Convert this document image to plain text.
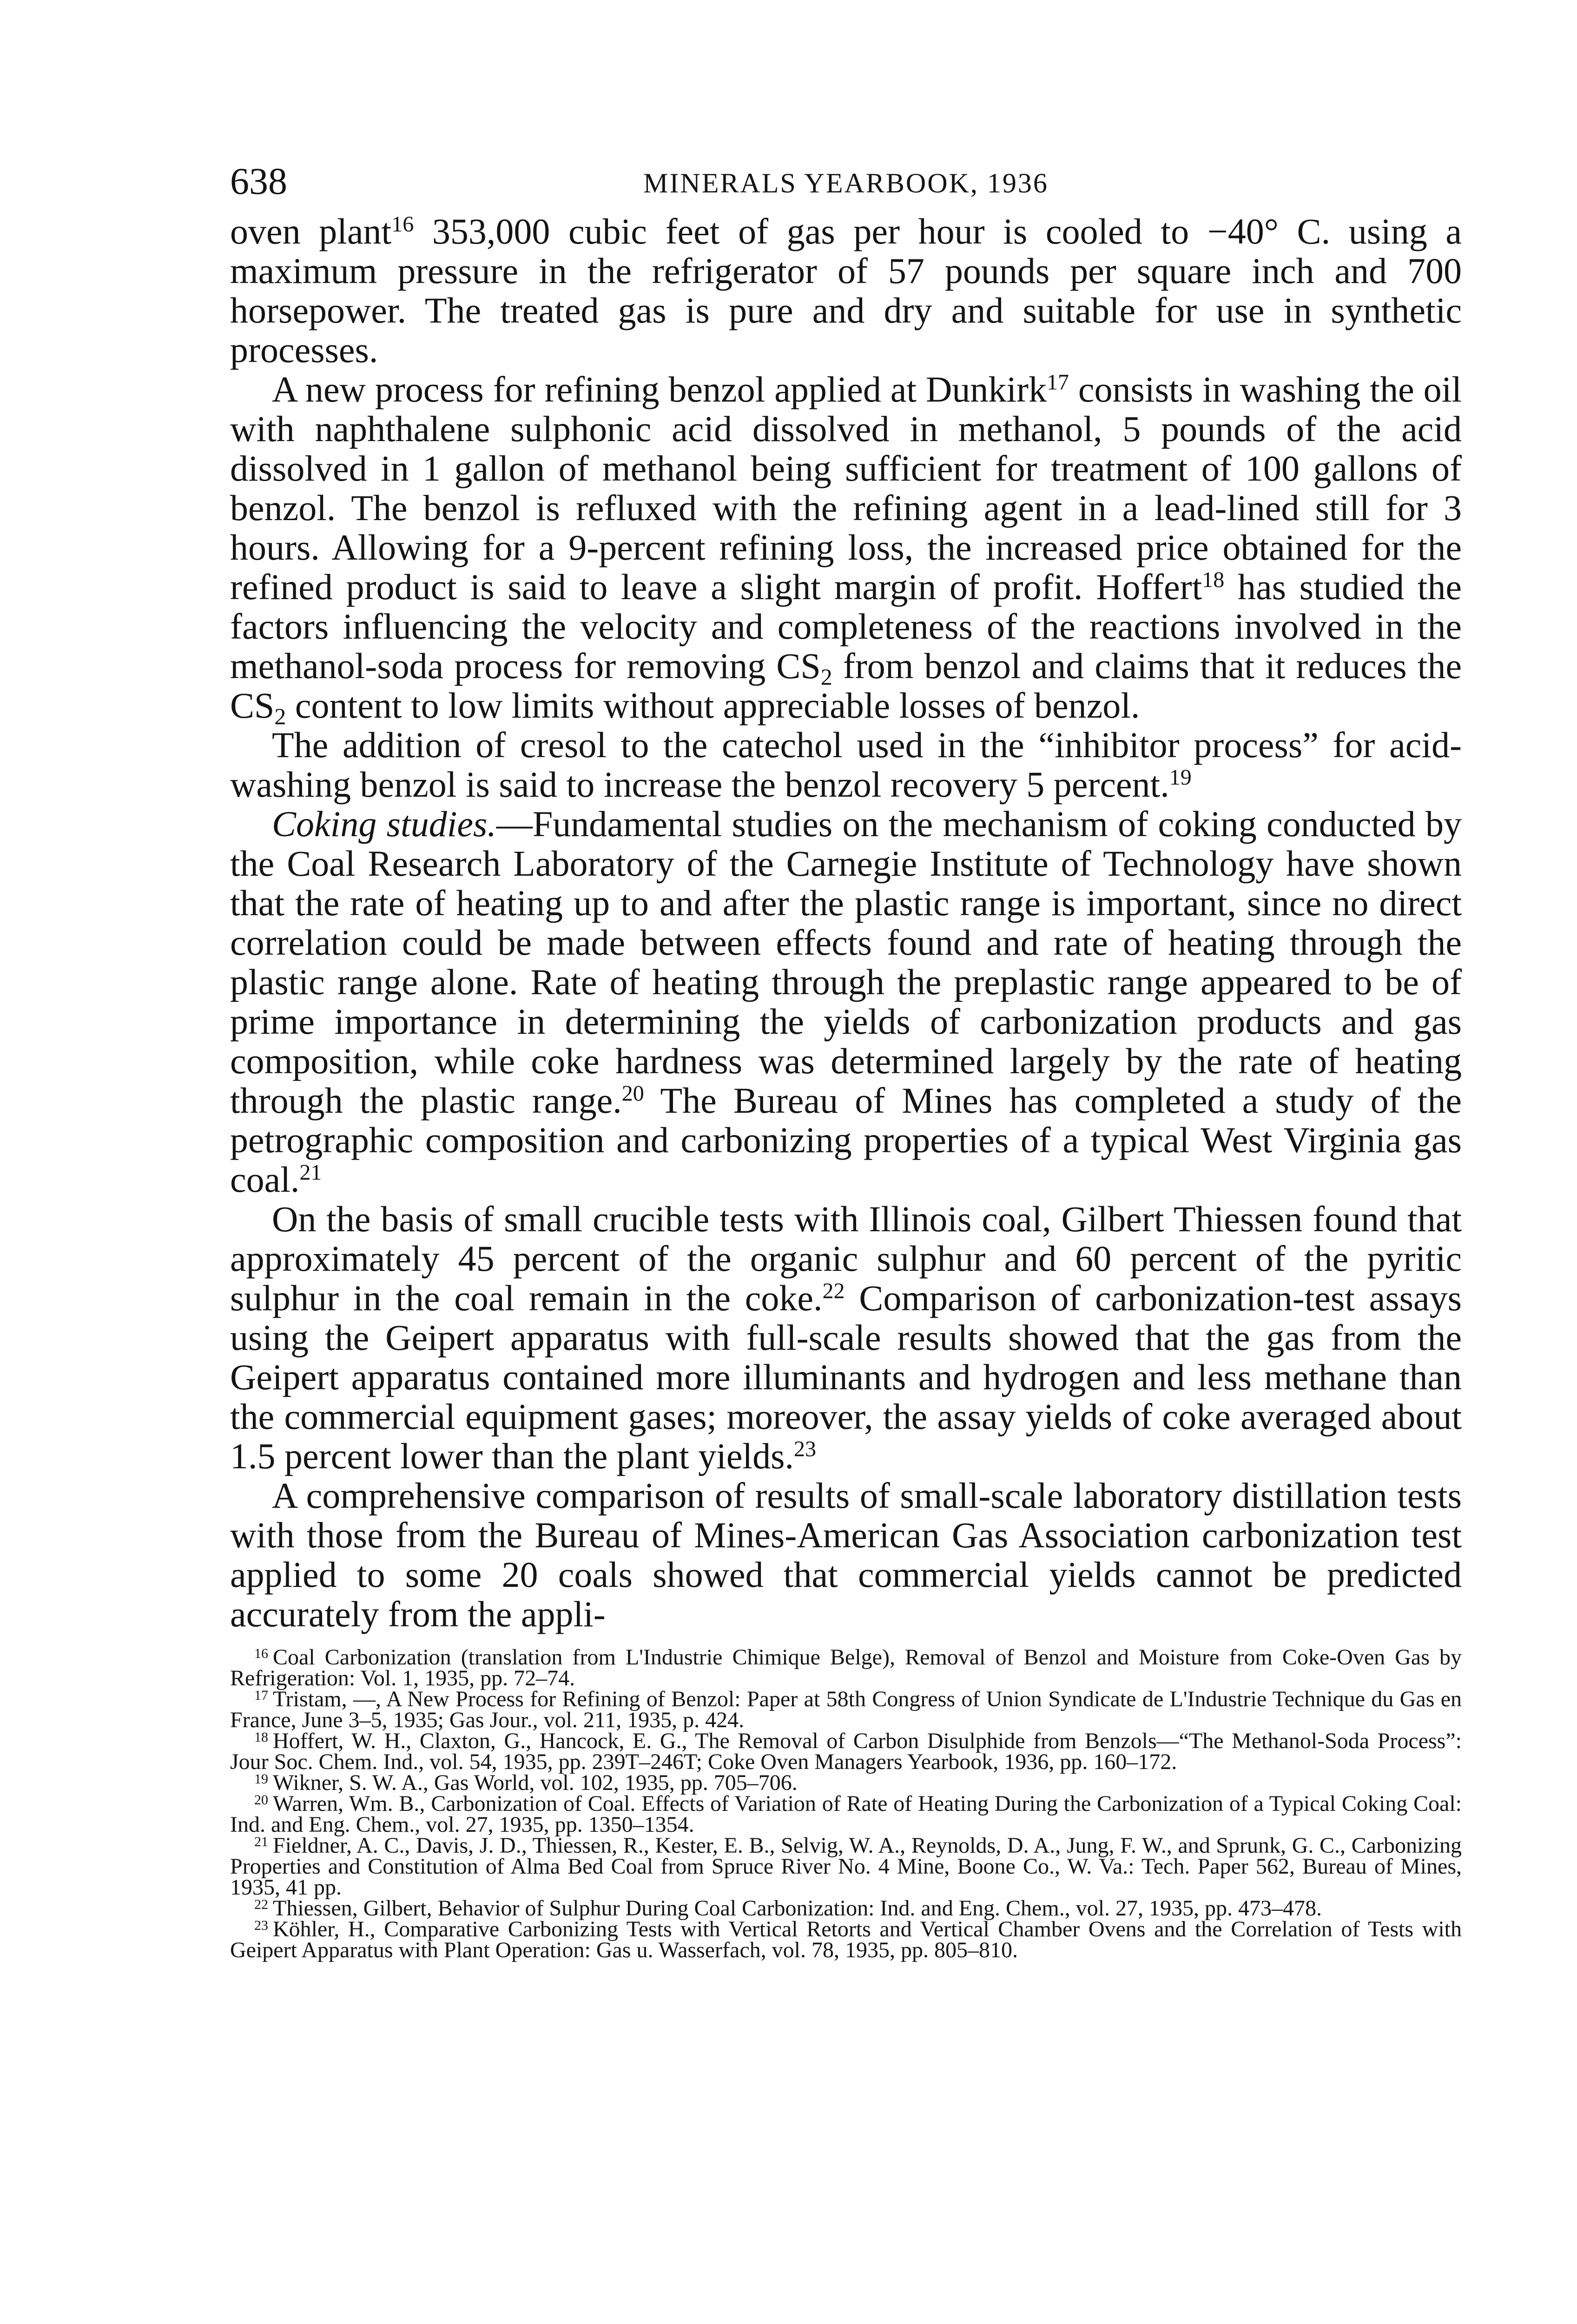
638	MINERALS YEARBOOK, 1936

oven plant$^{16}$ 353,000 cubic feet of gas per hour is cooled to −40° C. using a maximum pressure in the refrigerator of 57 pounds per square inch and 700 horsepower. The treated gas is pure and dry and suitable for use in synthetic processes.

A new process for refining benzol applied at Dunkirk$^{17}$ consists in washing the oil with naphthalene sulphonic acid dissolved in methanol, 5 pounds of the acid dissolved in 1 gallon of methanol being sufficient for treatment of 100 gallons of benzol. The benzol is refluxed with the refining agent in a lead-lined still for 3 hours. Allowing for a 9-percent refining loss, the increased price obtained for the refined product is said to leave a slight margin of profit. Hoffert$^{18}$ has studied the factors influencing the velocity and completeness of the reactions involved in the methanol-soda process for removing $CS_2$ from benzol and claims that it reduces the $CS_2$ content to low limits without appreciable losses of benzol.

The addition of cresol to the catechol used in the “inhibitor process” for acid-washing benzol is said to increase the benzol recovery 5 percent.$^{19}$

Coking studies.—Fundamental studies on the mechanism of coking conducted by the Coal Research Laboratory of the Carnegie Institute of Technology have shown that the rate of heating up to and after the plastic range is important, since no direct correlation could be made between effects found and rate of heating through the plastic range alone. Rate of heating through the preplastic range appeared to be of prime importance in determining the yields of carbonization products and gas composition, while coke hardness was determined largely by the rate of heating through the plastic range.$^{20}$ The Bureau of Mines has completed a study of the petrographic composition and carbonizing properties of a typical West Virginia gas coal.$^{21}$

On the basis of small crucible tests with Illinois coal, Gilbert Thiessen found that approximately 45 percent of the organic sulphur and 60 percent of the pyritic sulphur in the coal remain in the coke.$^{22}$ Comparison of carbonization-test assays using the Geipert apparatus with full-scale results showed that the gas from the Geipert apparatus contained more illuminants and hydrogen and less methane than the commercial equipment gases; moreover, the assay yields of coke averaged about 1.5 percent lower than the plant yields.$^{23}$

A comprehensive comparison of results of small-scale laboratory distillation tests with those from the Bureau of Mines-American Gas Association carbonization test applied to some 20 coals showed that commercial yields cannot be predicted accurately from the appli-

$^{16}$ Coal Carbonization (translation from L'Industrie Chimique Belge), Removal of Benzol and Moisture from Coke-Oven Gas by Refrigeration: Vol. 1, 1935, pp. 72–74.

$^{17}$ Tristam, —, A New Process for Refining of Benzol: Paper at 58th Congress of Union Syndicate de L'Industrie Technique du Gas en France, June 3–5, 1935; Gas Jour., vol. 211, 1935, p. 424.

$^{18}$ Hoffert, W. H., Claxton, G., Hancock, E. G., The Removal of Carbon Disulphide from Benzols—“The Methanol-Soda Process”: Jour Soc. Chem. Ind., vol. 54, 1935, pp. 239T–246T; Coke Oven Managers Yearbook, 1936, pp. 160–172.

$^{19}$ Wikner, S. W. A., Gas World, vol. 102, 1935, pp. 705–706.

$^{20}$ Warren, Wm. B., Carbonization of Coal. Effects of Variation of Rate of Heating During the Carbonization of a Typical Coking Coal: Ind. and Eng. Chem., vol. 27, 1935, pp. 1350–1354.

$^{21}$ Fieldner, A. C., Davis, J. D., Thiessen, R., Kester, E. B., Selvig, W. A., Reynolds, D. A., Jung, F. W., and Sprunk, G. C., Carbonizing Properties and Constitution of Alma Bed Coal from Spruce River No. 4 Mine, Boone Co., W. Va.: Tech. Paper 562, Bureau of Mines, 1935, 41 pp.

$^{22}$ Thiessen, Gilbert, Behavior of Sulphur During Coal Carbonization: Ind. and Eng. Chem., vol. 27, 1935, pp. 473–478.

$^{23}$ Köhler, H., Comparative Carbonizing Tests with Vertical Retorts and Vertical Chamber Ovens and the Correlation of Tests with Geipert Apparatus with Plant Operation: Gas u. Wasserfach, vol. 78, 1935, pp. 805–810.
